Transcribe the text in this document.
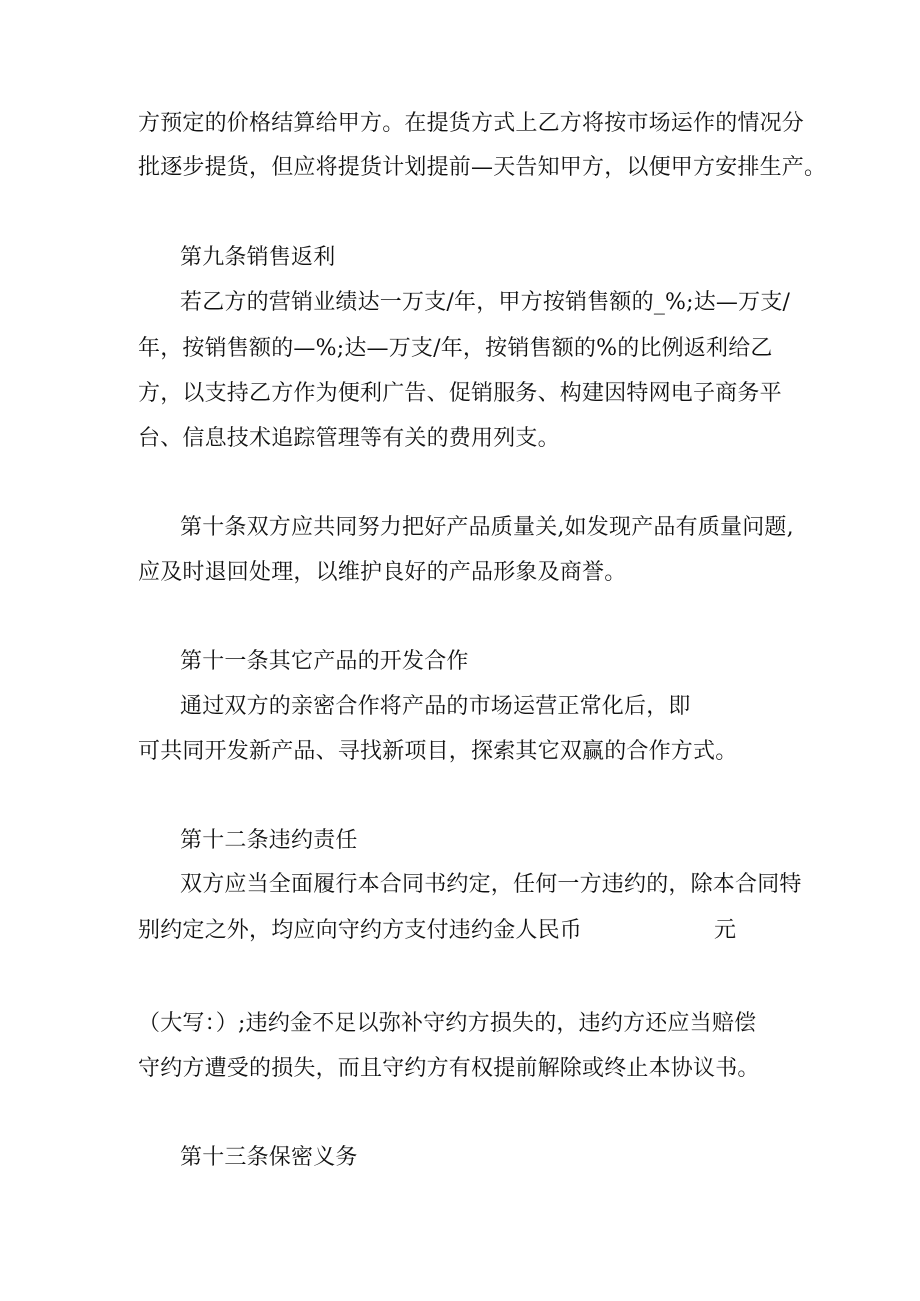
方预定的价格结算给甲方。在提货方式上乙方将按市场运作的情况分
批逐步提货，但应将提货计划提前—天告知甲方，以便甲方安排生产。
第九条销售返利
若乙方的营销业绩达一万支/年，甲方按销售额的_%;达—万支/
年，按销售额的—%;达—万支/年，按销售额的%的比例返利给乙
方，以支持乙方作为便利广告、促销服务、构建因特网电子商务平
台、信息技术追踪管理等有关的费用列支。
第十条双方应共同努力把好产品质量关,如发现产品有质量问题,
应及时退回处理，以维护良好的产品形象及商誉。
第十一条其它产品的开发合作
通过双方的亲密合作将产品的市场运营正常化后，即
可共同开发新产品、寻找新项目，探索其它双赢的合作方式。
第十二条违约责任
双方应当全面履行本合同书约定，任何一方违约的，除本合同特
别约定之外，均应向守约方支付违约金人民币	元
（大写：）;违约金不足以弥补守约方损失的，违约方还应当赔偿
守约方遭受的损失，而且守约方有权提前解除或终止本协议书。
第十三条保密义务
